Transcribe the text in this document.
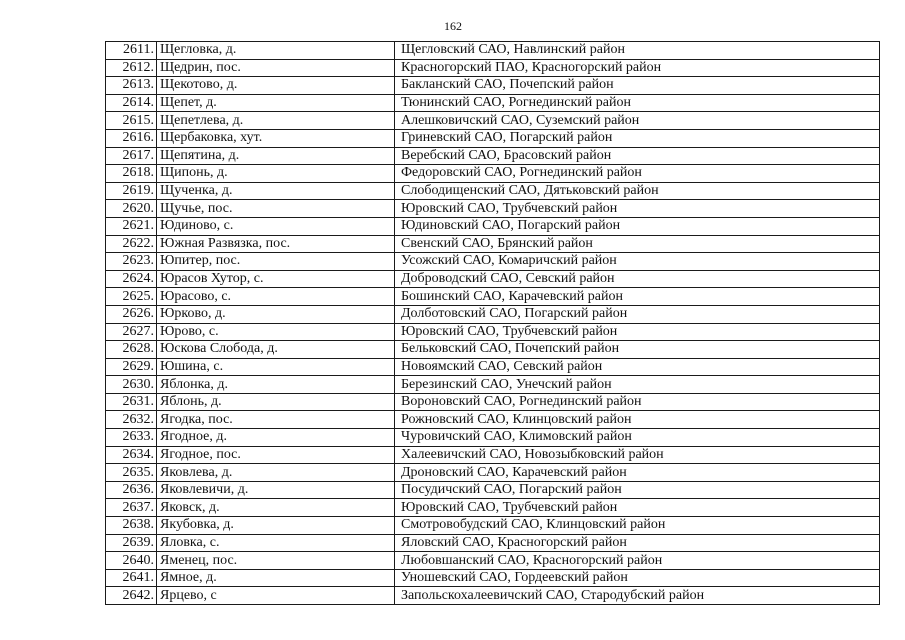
162
2611.	Щегловка, д.	Щегловский САО, Навлинский район
2612.	Щедрин, пос.	Красногорский ПАО, Красногорский район
2613.	Щекотово, д.	Бакланский САО, Почепский район
2614.	Щепет, д.	Тюнинский САО, Рогнединский район
2615.	Щепетлева, д.	Алешковичский САО, Суземский район
2616.	Щербаковка, хут.	Гриневский САО, Погарский район
2617.	Щепятина, д.	Веребский САО, Брасовский район
2618.	Щипонь, д.	Федоровский САО, Рогнединский район
2619.	Щученка, д.	Слободищенский САО, Дятьковский район
2620.	Щучье, пос.	Юровский САО, Трубчевский район
2621.	Юдиново, с.	Юдиновский САО, Погарский район
2622.	Южная Развязка, пос.	Свенский САО, Брянский район
2623.	Юпитер, пос.	Усожский САО, Комаричский район
2624.	Юрасов Хутор, с.	Доброводский САО, Севский район
2625.	Юрасово, с.	Бошинский САО, Карачевский район
2626.	Юрково, д.	Долботовский САО, Погарский район
2627.	Юрово, с.	Юровский САО, Трубчевский район
2628.	Юскова Слобода, д.	Бельковский САО, Почепский район
2629.	Юшина, с.	Новоямский САО, Севский район
2630.	Яблонка, д.	Березинский САО, Унечский район
2631.	Яблонь, д.	Вороновский САО, Рогнединский район
2632.	Ягодка, пос.	Рожновский САО, Клинцовский район
2633.	Ягодное, д.	Чуровичский САО, Климовский район
2634.	Ягодное, пос.	Халеевичский САО, Новозыбковский район
2635.	Яковлева, д.	Дроновский САО, Карачевский район
2636.	Яковлевичи, д.	Посудичский САО, Погарский район
2637.	Яковск, д.	Юровский САО, Трубчевский район
2638.	Якубовка, д.	Смотровобудский САО, Клинцовский район
2639.	Яловка, с.	Яловский САО, Красногорский район
2640.	Яменец, пос.	Любовшанский САО, Красногорский район
2641.	Ямное, д.	Уношевский САО, Гордеевский район
2642.	Ярцево, с	Запольскохалеевичский САО, Стародубский район
